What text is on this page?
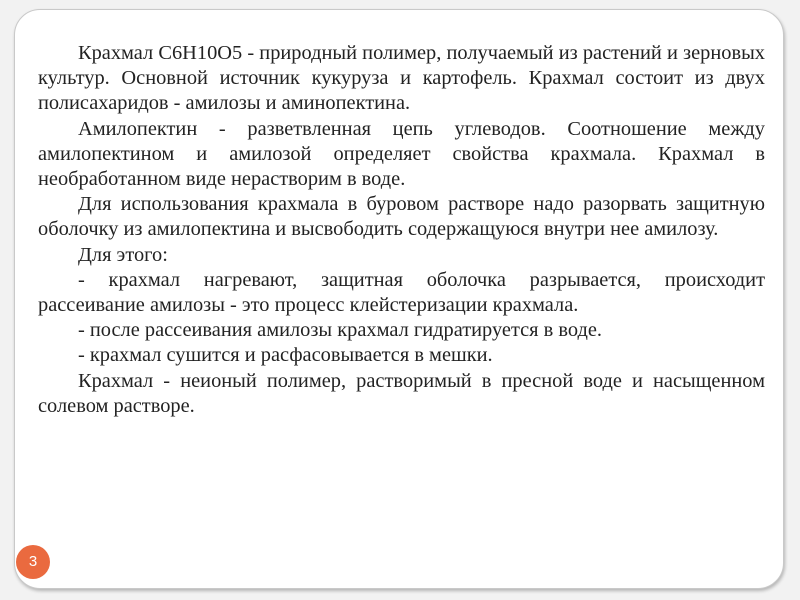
Крахмал С6Н10О5 - природный полимер, получаемый из растений и зерновых культур. Основной источник кукуруза и картофель. Крахмал состоит из двух полисахаридов - амилозы и аминопектина.

Амилопектин - разветвленная цепь углеводов. Соотношение между амилопектином и амилозой определяет свойства крахмала. Крахмал в необработанном виде нерастворим в воде.

Для использования крахмала в буровом растворе надо разорвать защитную оболочку из амилопектина и высвободить содержащуюся внутри нее амилозу.

Для этого:

- крахмал нагревают, защитная оболочка разрывается, происходит рассеивание амилозы - это процесс клейстеризации крахмала.

- после рассеивания амилозы крахмал гидратируется в воде.

- крахмал сушится и расфасовывается в мешки.

Крахмал - неионый полимер, растворимый в пресной воде и насыщенном солевом растворе.

3
